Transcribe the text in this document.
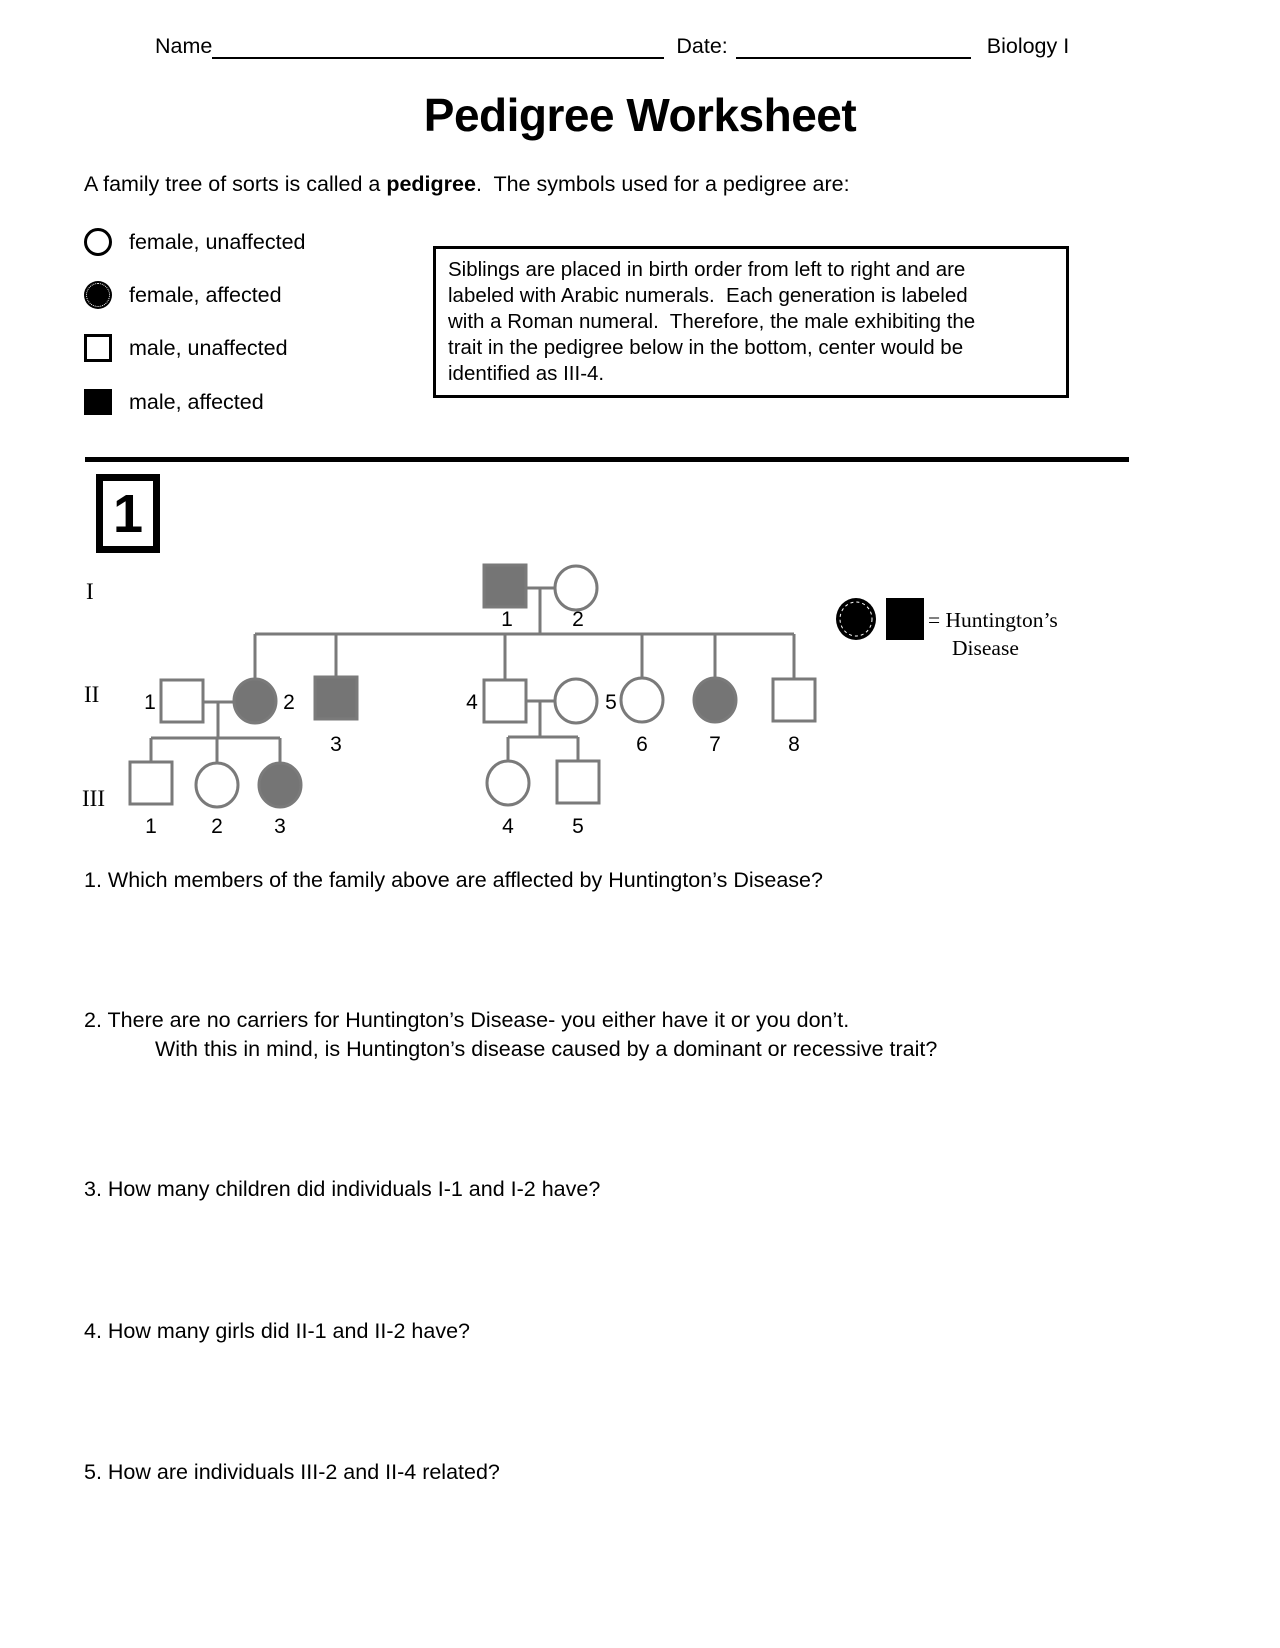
Name	Date:	Biology I
Pedigree Worksheet
A family tree of sorts is called a pedigree.  The symbols used for a pedigree are:
female, unaffected
female, affected
male, unaffected
male, affected
Siblings are placed in birth order from left to right and are
labeled with Arabic numerals.  Each generation is labeled
with a Roman numeral.  Therefore, the male exhibiting the
trait in the pedigree below in the bottom, center would be
identified as III-4.
1
1	2
1	2
3
4	5
6	7	8
1	2 3	4	5
I
II
III
= Huntington’s
Disease
1. Which members of the family above are afflected by Huntington’s Disease?
2. There are no carriers for Huntington’s Disease- you either have it or you don’t.
With this in mind, is Huntington’s disease caused by a dominant or recessive trait?
3. How many children did individuals I-1 and I-2 have?
4. How many girls did II-1 and II-2 have?
5. How are individuals III-2 and II-4 related?
